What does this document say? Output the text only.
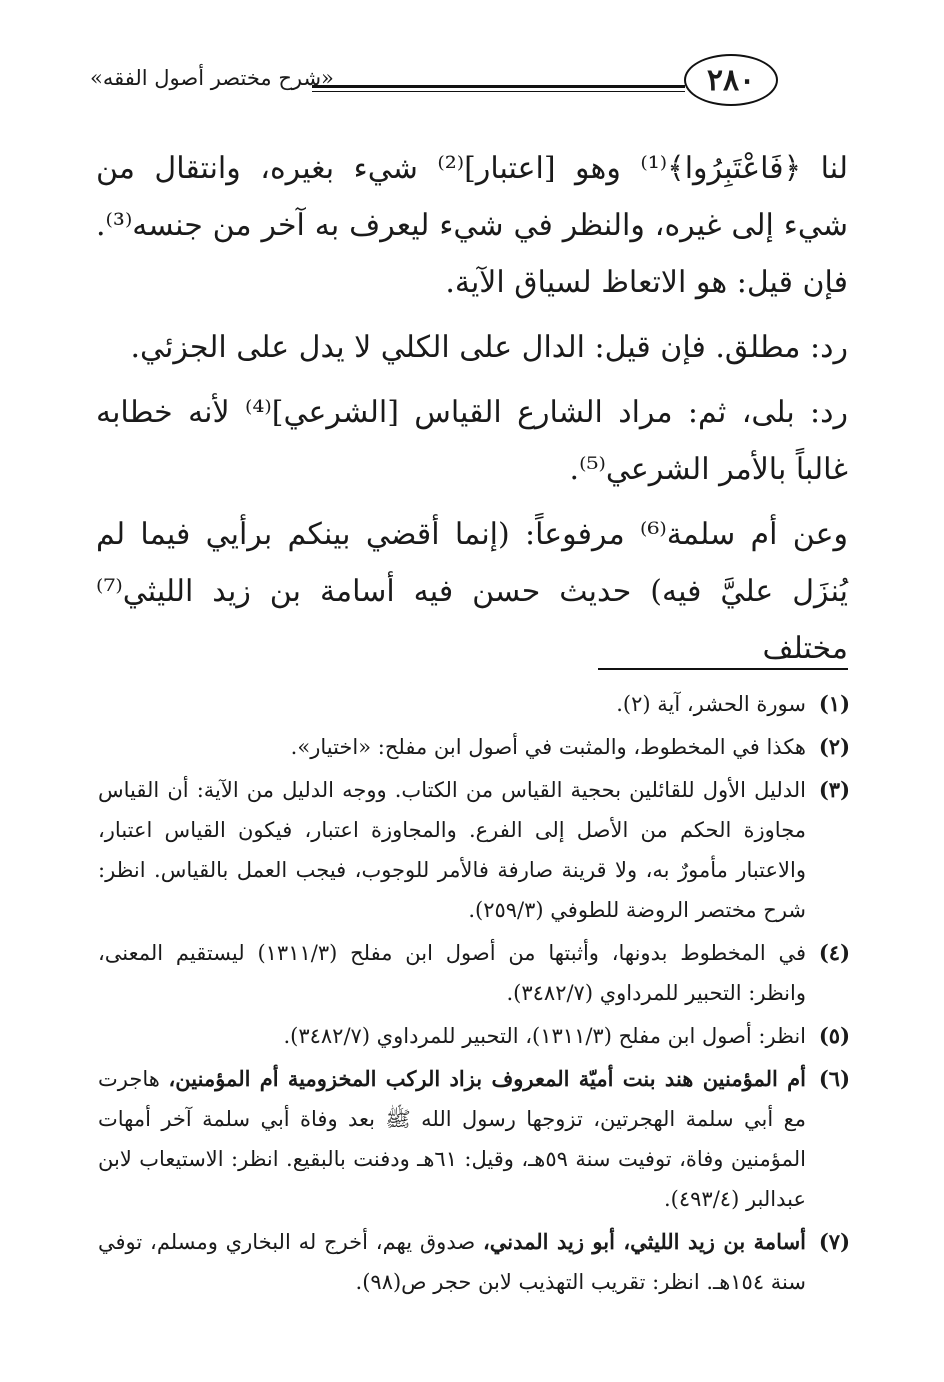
«شرح مختصر أصول الفقه»	٢٨٠

لنا ﴿فَاعْتَبِرُوا﴾⁽¹⁾ وهو [اعتبار]⁽²⁾ شيء بغيره، وانتقال من شيء إلى غيره، والنظر في شيء ليعرف به آخر من جنسه⁽³⁾. فإن قيل: هو الاتعاظ لسياق الآية.

رد: مطلق. فإن قيل: الدال على الكلي لا يدل على الجزئي.

رد: بلى، ثم: مراد الشارع القياس [الشرعي]⁽⁴⁾ لأنه خطابه غالباً بالأمر الشرعي⁽⁵⁾.

وعن أم سلمة⁽⁶⁾ مرفوعاً: (إنما أقضي بينكم برأيي فيما لم يُنزَل عليَّ فيه) حديث حسن فيه أسامة بن زيد الليثي⁽⁷⁾ مختلف

(١)
سورة الحشر، آية (٢).
(٢)
هكذا في المخطوط، والمثبت في أصول ابن مفلح: «اختيار».
(٣)
الدليل الأول للقائلين بحجية القياس من الكتاب. ووجه الدليل من الآية: أن القياس مجاوزة الحكم من الأصل إلى الفرع. والمجاوزة اعتبار، فيكون القياس اعتبار، والاعتبار مأمورٌ به، ولا قرينة صارفة فالأمر للوجوب، فيجب العمل بالقياس. انظر: شرح مختصر الروضة للطوفي (٢٥٩/٣).
(٤)
في المخطوط بدونها، وأثبتها من أصول ابن مفلح (١٣١١/٣) ليستقيم المعنى، وانظر: التحبير للمرداوي (٣٤٨٢/٧).
(٥)
انظر: أصول ابن مفلح (١٣١١/٣)، التحبير للمرداوي (٣٤٨٢/٧).
(٦)
أم المؤمنين هند بنت أميّة المعروف بزاد الركب المخزومية أم المؤمنين، هاجرت مع أبي سلمة الهجرتين، تزوجها رسول الله ﷺ بعد وفاة أبي سلمة آخر أمهات المؤمنين وفاة، توفيت سنة ٥٩هـ، وقيل: ٦١هـ ودفنت بالبقيع. انظر: الاستيعاب لابن عبدالبر (٤٩٣/٤).
(٧)
أسامة بن زيد الليثي، أبو زيد المدني، صدوق يهم، أخرج له البخاري ومسلم، توفي سنة ١٥٤هـ. انظر: تقريب التهذيب لابن حجر ص(٩٨).
